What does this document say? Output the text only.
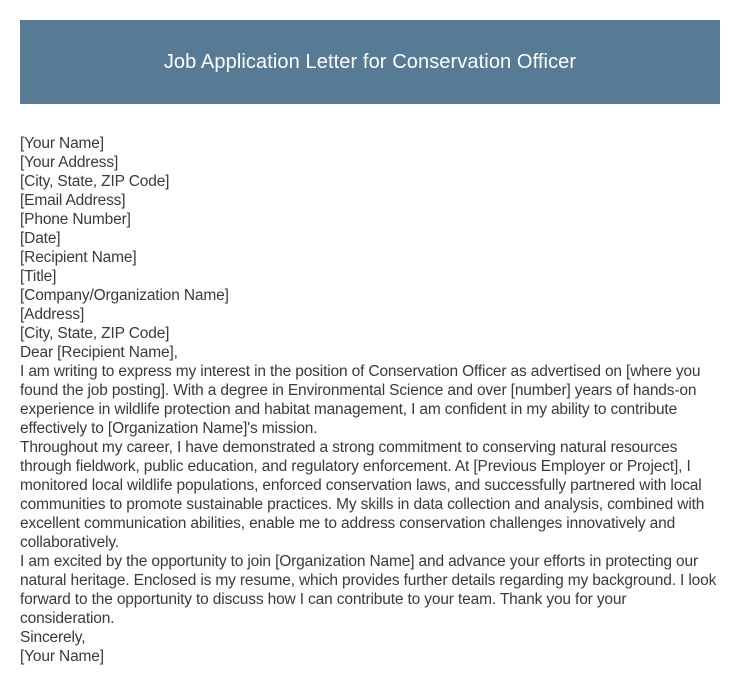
Job Application Letter for Conservation Officer
[Your Name]
[Your Address]
[City, State, ZIP Code]
[Email Address]
[Phone Number]
[Date]
[Recipient Name]
[Title]
[Company/Organization Name]
[Address]
[City, State, ZIP Code]
Dear [Recipient Name],

I am writing to express my interest in the position of Conservation Officer as advertised on [where you found the job posting]. With a degree in Environmental Science and over [number] years of hands-on experience in wildlife protection and habitat management, I am confident in my ability to contribute effectively to [Organization Name]'s mission.

Throughout my career, I have demonstrated a strong commitment to conserving natural resources through fieldwork, public education, and regulatory enforcement. At [Previous Employer or Project], I monitored local wildlife populations, enforced conservation laws, and successfully partnered with local communities to promote sustainable practices. My skills in data collection and analysis, combined with excellent communication abilities, enable me to address conservation challenges innovatively and collaboratively.

I am excited by the opportunity to join [Organization Name] and advance your efforts in protecting our natural heritage. Enclosed is my resume, which provides further details regarding my background. I look forward to the opportunity to discuss how I can contribute to your team. Thank you for your consideration.

Sincerely,
[Your Name]
